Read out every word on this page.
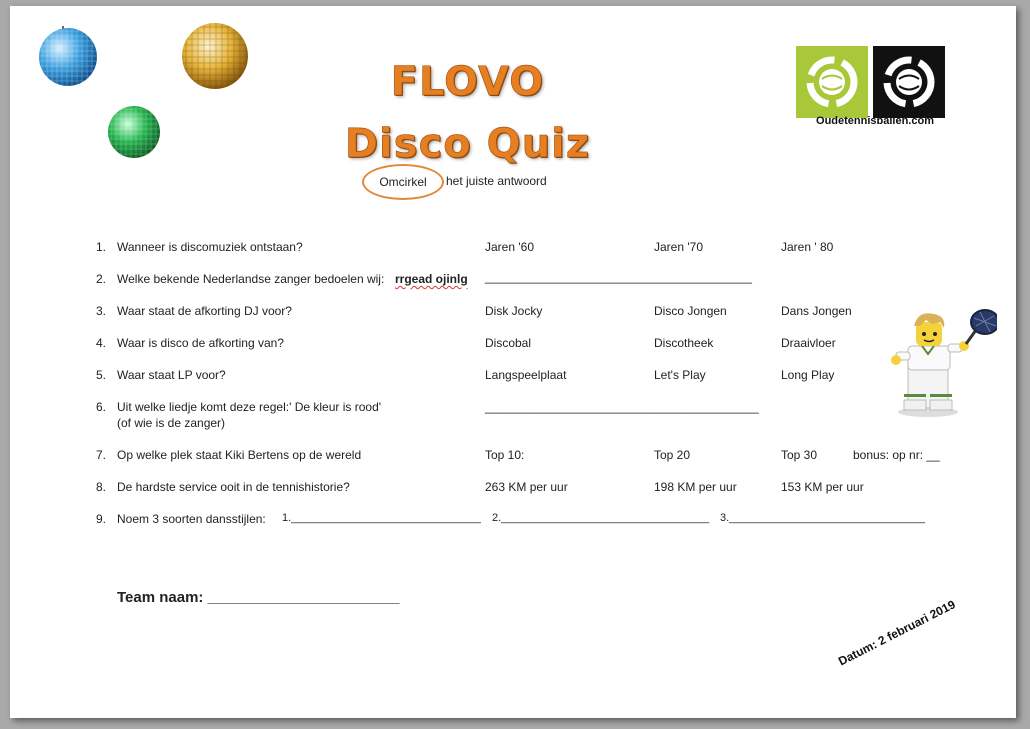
FLOVO
Disco Quiz
Omcirkel	het juiste antwoord
Oudetennisballen.com
1. Wanneer is discomuziek ontstaan?	Jaren '60	Jaren '70	Jaren ' 80
2. Welke bekende Nederlandse zanger bedoelen wij: rrgead ojinlg ________________________________________
3. Waar staat de afkorting DJ voor?	Disk Jocky	Disco Jongen	Dans Jongen
4. Waar is disco de afkorting van?	Discobal	Discotheek	Draaivloer
5. Waar staat LP voor?	Langspeelplaat	Let's Play	Long Play
6. Uit welke liedje komt deze regel:' De kleur is rood'
(of wie is de zanger)
_________________________________________
7. Op welke plek staat Kiki Bertens op de wereld	Top 10:	Top 20	Top 30	bonus: op nr: __
8. De hardste service ooit in de tennishistorie?	263 KM per uur	198 KM per uur	153 KM per uur
9. Noem 3 soorten dansstijlen: 1._______________________________ 2.__________________________________ 3.________________________________
Team naam: _______________________	Datum: 2 februari 2019
